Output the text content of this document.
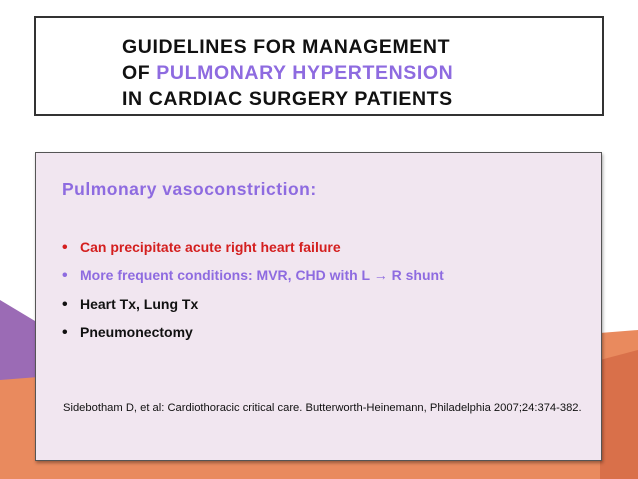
GUIDELINES FOR MANAGEMENT
OF PULMONARY HYPERTENSION
IN CARDIAC SURGERY PATIENTS
Pulmonary vasoconstriction:
• Can precipitate acute right heart failure
• More frequent conditions: MVR, CHD with L → R shunt
• Heart Tx, Lung Tx
• Pneumonectomy
Sidebotham D, et al: Cardiothoracic critical care. Butterworth-Heinemann, Philadelphia 2007;24:374-382.
